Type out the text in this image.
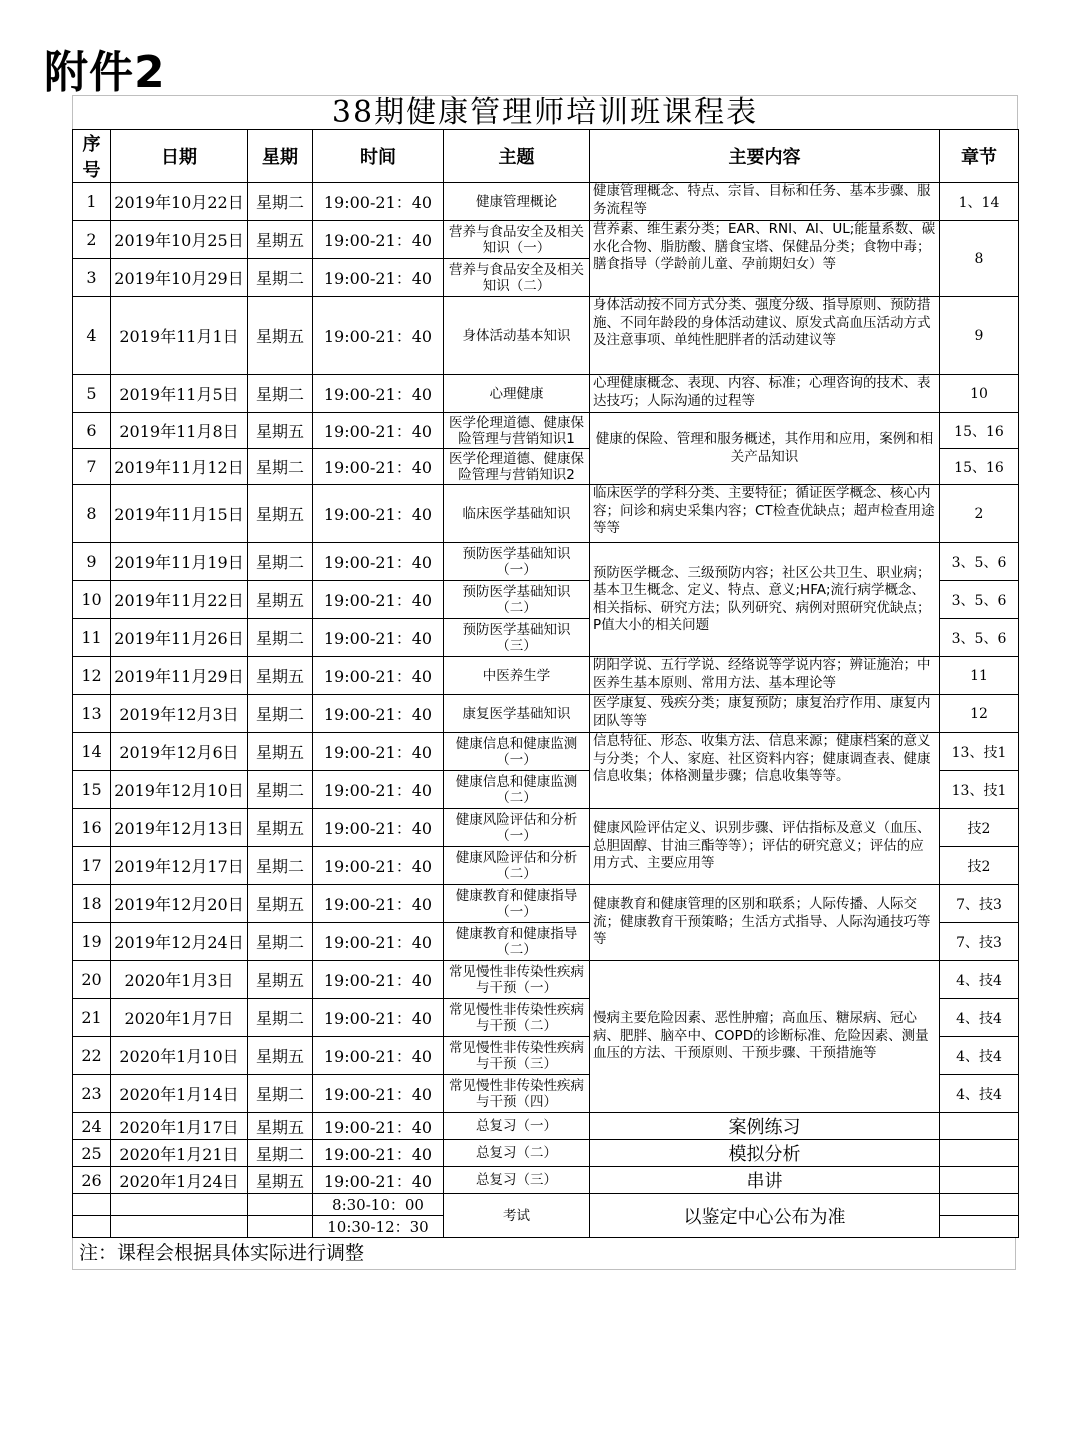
附件2
38期健康管理师培训班课程表
序号	日期	星期	时间	主题	主要内容	章节
1	2019年10月22日	星期二	19:00-21：40	健康管理概论	健康管理概念、特点、宗旨、目标和任务、基本步骤、服务流程等	1、14
2	2019年10月25日	星期五	19:00-21：40	营养与食品安全及相关知识（一）	营养素、维生素分类；EAR、RNI、AI、UL;能量系数、碳水化合物、脂肪酸、膳食宝塔、保健品分类；食物中毒；膳食指导（学龄前儿童、孕前期妇女）等	8
3	2019年10月29日	星期二	19:00-21：40	营养与食品安全及相关知识（二）		
4	2019年11月1日	星期五	19:00-21：40	身体活动基本知识	身体活动按不同方式分类、强度分级、指导原则、预防措施、不同年龄段的身体活动建议、原发式高血压活动方式及注意事项、单纯性肥胖者的活动建议等	9
5	2019年11月5日	星期二	19:00-21：40	心理健康	心理健康概念、表现、内容、标准；心理咨询的技术、表达技巧；人际沟通的过程等	10
6	2019年11月8日	星期五	19:00-21：40	医学伦理道德、健康保险管理与营销知识1	健康的保险、管理和服务概述，其作用和应用，案例和相关产品知识	15、16
7	2019年11月12日	星期二	19:00-21：40	医学伦理道德、健康保险管理与营销知识2		15、16
8	2019年11月15日	星期五	19:00-21：40	临床医学基础知识	临床医学的学科分类、主要特征；循证医学概念、核心内容；问诊和病史采集内容；CT检查优缺点；超声检查用途等等	2
9	2019年11月19日	星期二	19:00-21：40	预防医学基础知识（一）	预防医学概念、三级预防内容；社区公共卫生、职业病；基本卫生概念、定义、特点、意义;HFA;流行病学概念、相关指标、研究方法；队列研究、病例对照研究优缺点；P值大小的相关问题	3、5、6
10	2019年11月22日	星期五	19:00-21：40	预防医学基础知识（二）		3、5、6
11	2019年11月26日	星期二	19:00-21：40	预防医学基础知识（三）		3、5、6
12	2019年11月29日	星期五	19:00-21：40	中医养生学	阴阳学说、五行学说、经络说等学说内容；辨证施治；中医养生基本原则、常用方法、基本理论等	11
13	2019年12月3日	星期二	19:00-21：40	康复医学基础知识	医学康复、残疾分类；康复预防；康复治疗作用、康复内团队等等	12
14	2019年12月6日	星期五	19:00-21：40	健康信息和健康监测（一）	信息特征、形态、收集方法、信息来源；健康档案的意义与分类；个人、家庭、社区资料内容；健康调查表、健康信息收集；体格测量步骤；信息收集等等。	13、技1
15	2019年12月10日	星期二	19:00-21：40	健康信息和健康监测（二）		13、技1
16	2019年12月13日	星期五	19:00-21：40	健康风险评估和分析（一）	健康风险评估定义、识别步骤、评估指标及意义（血压、总胆固醇、甘油三酯等等）；评估的研究意义；评估的应用方式、主要应用等	技2
17	2019年12月17日	星期二	19:00-21：40	健康风险评估和分析（二）		技2
18	2019年12月20日	星期五	19:00-21：40	健康教育和健康指导（一）	健康教育和健康管理的区别和联系；人际传播、人际交流；健康教育干预策略；生活方式指导、人际沟通技巧等等	7、技3
19	2019年12月24日	星期二	19:00-21：40	健康教育和健康指导（二）		7、技3
20	2020年1月3日	星期五	19:00-21：40	常见慢性非传染性疾病与干预（一）	慢病主要危险因素、恶性肿瘤；高血压、糖尿病、冠心病、肥胖、脑卒中、COPD的诊断标准、危险因素、测量血压的方法、干预原则、干预步骤、干预措施等	4、技4
21	2020年1月7日	星期二	19:00-21：40	常见慢性非传染性疾病与干预（二）		4、技4
22	2020年1月10日	星期五	19:00-21：40	常见慢性非传染性疾病与干预（三）		4、技4
23	2020年1月14日	星期二	19:00-21：40	常见慢性非传染性疾病与干预（四）		4、技4
24	2020年1月17日	星期五	19:00-21：40	总复习（一）	案例练习	
25	2020年1月21日	星期二	19:00-21：40	总复习（二）	模拟分析	
26	2020年1月24日	星期五	19:00-21：40	总复习（三）	串讲	
			8:30-10：00	考试	以鉴定中心公布为准	
			10:30-12：30			
注：课程会根据具体实际进行调整
